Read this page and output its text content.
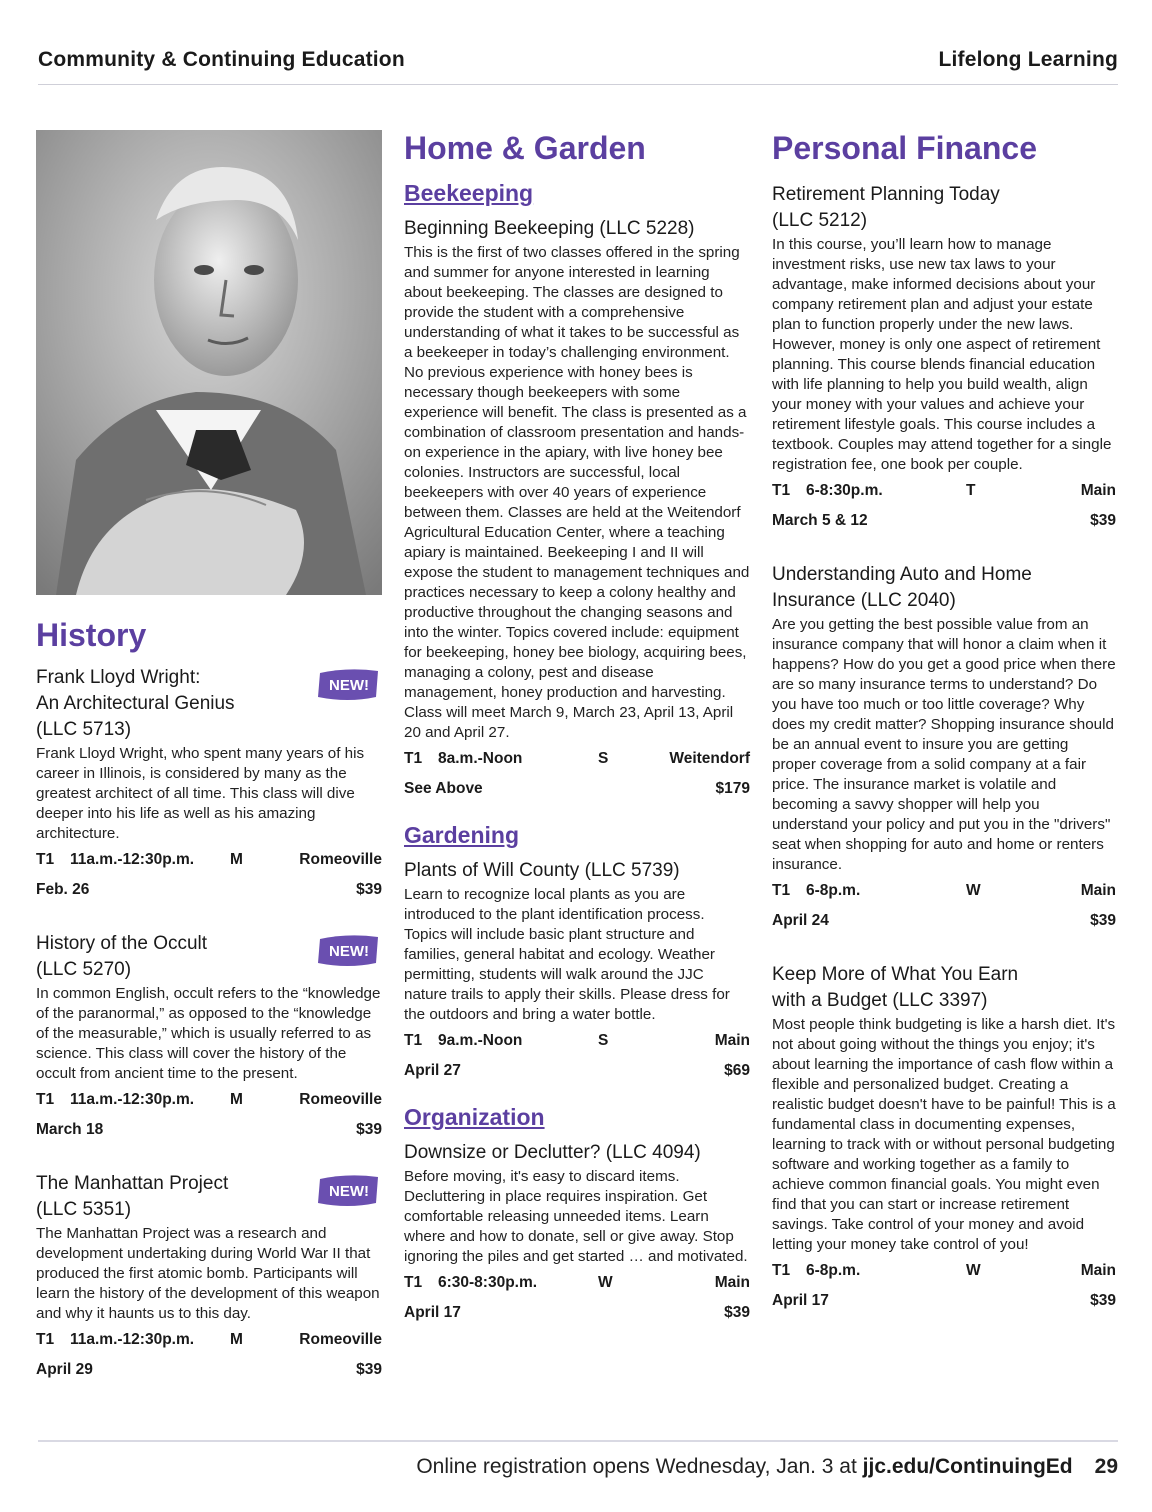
Community & Continuing Education	Lifelong Learning
History
NEW!
Frank Lloyd Wright:
An Architectural Genius
(LLC 5713)
Frank Lloyd Wright, who spent many years of his career in Illinois, is considered by many as the greatest architect of all time. This class will dive deeper into his life as well as his amazing architecture.
T1	11a.m.-12:30p.m.	M	Romeoville
Feb. 26	$39
NEW!
History of the Occult
(LLC 5270)
In common English, occult refers to the “knowledge of the paranormal,” as opposed to the “knowledge of the measurable,” which is usually referred to as science. This class will cover the history of the occult from ancient time to the present.
T1	11a.m.-12:30p.m.	M	Romeoville
March 18	$39
NEW!
The Manhattan Project
(LLC 5351)
The Manhattan Project was a research and development undertaking during World War II that produced the first atomic bomb. Participants will learn the history of the development of this weapon and why it haunts us to this day.
T1	11a.m.-12:30p.m.	M	Romeoville
April 29	$39
Home & Garden
Beekeeping
Beginning Beekeeping (LLC 5228)
This is the first of two classes offered in the spring and summer for anyone interested in learning about beekeeping. The classes are designed to provide the student with a comprehensive understanding of what it takes to be successful as a beekeeper in today’s challenging environment. No previous experience with honey bees is necessary though beekeepers with some experience will benefit. The class is presented as a combination of classroom presentation and hands-on experience in the apiary, with live honey bee colonies. Instructors are successful, local beekeepers with over 40 years of experience between them. Classes are held at the Weitendorf Agricultural Education Center, where a teaching apiary is maintained. Beekeeping I and II will expose the student to management techniques and practices necessary to keep a colony healthy and productive throughout the changing seasons and into the winter. Topics covered include: equipment for beekeeping, honey bee biology, acquiring bees, managing a colony, pest and disease management, honey production and harvesting. Class will meet March 9, March 23, April 13, April 20 and April 27.
T1	8a.m.-Noon	S	Weitendorf
See Above	$179
Gardening
Plants of Will County (LLC 5739)
Learn to recognize local plants as you are introduced to the plant identification process. Topics will include basic plant structure and families, general habitat and ecology. Weather permitting, students will walk around the JJC nature trails to apply their skills. Please dress for the outdoors and bring a water bottle.
T1	9a.m.-Noon	S	Main
April 27	$69
Organization
Downsize or Declutter? (LLC 4094)
Before moving, it's easy to discard items. Decluttering in place requires inspiration. Get comfortable releasing unneeded items. Learn where and how to donate, sell or give away. Stop ignoring the piles and get started … and motivated.
T1	6:30-8:30p.m.	W	Main
April 17	$39
Personal Finance
Retirement Planning Today
(LLC 5212)
In this course, you’ll learn how to manage investment risks, use new tax laws to your advantage, make informed decisions about your company retirement plan and adjust your estate plan to function properly under the new laws. However, money is only one aspect of retirement planning. This course blends financial education with life planning to help you build wealth, align your money with your values and achieve your retirement lifestyle goals. This course includes a textbook. Couples may attend together for a single registration fee, one book per couple.
T1	6-8:30p.m.	T	Main
March 5 & 12	$39
Understanding Auto and Home
Insurance (LLC 2040)
Are you getting the best possible value from an insurance company that will honor a claim when it happens? How do you get a good price when there are so many insurance terms to understand? Do you have too much or too little coverage? Why does my credit matter? Shopping insurance should be an annual event to insure you are getting proper coverage from a solid company at a fair price. The insurance market is volatile and becoming a savvy shopper will help you understand your policy and put you in the "drivers" seat when shopping for auto and home or renters insurance.
T1	6-8p.m.	W	Main
April 24	$39
Keep More of What You Earn
with a Budget (LLC 3397)
Most people think budgeting is like a harsh diet. It's not about going without the things you enjoy; it's about learning the importance of cash flow within a flexible and personalized budget. Creating a realistic budget doesn't have to be painful! This is a fundamental class in documenting expenses, learning to track with or without personal budgeting software and working together as a family to achieve common financial goals. You might even find that you can start or increase retirement savings. Take control of your money and avoid letting your money take control of you!
T1	6-8p.m.	W	Main
April 17	$39
Online registration opens Wednesday, Jan. 3 at jjc.edu/ContinuingEd 29
